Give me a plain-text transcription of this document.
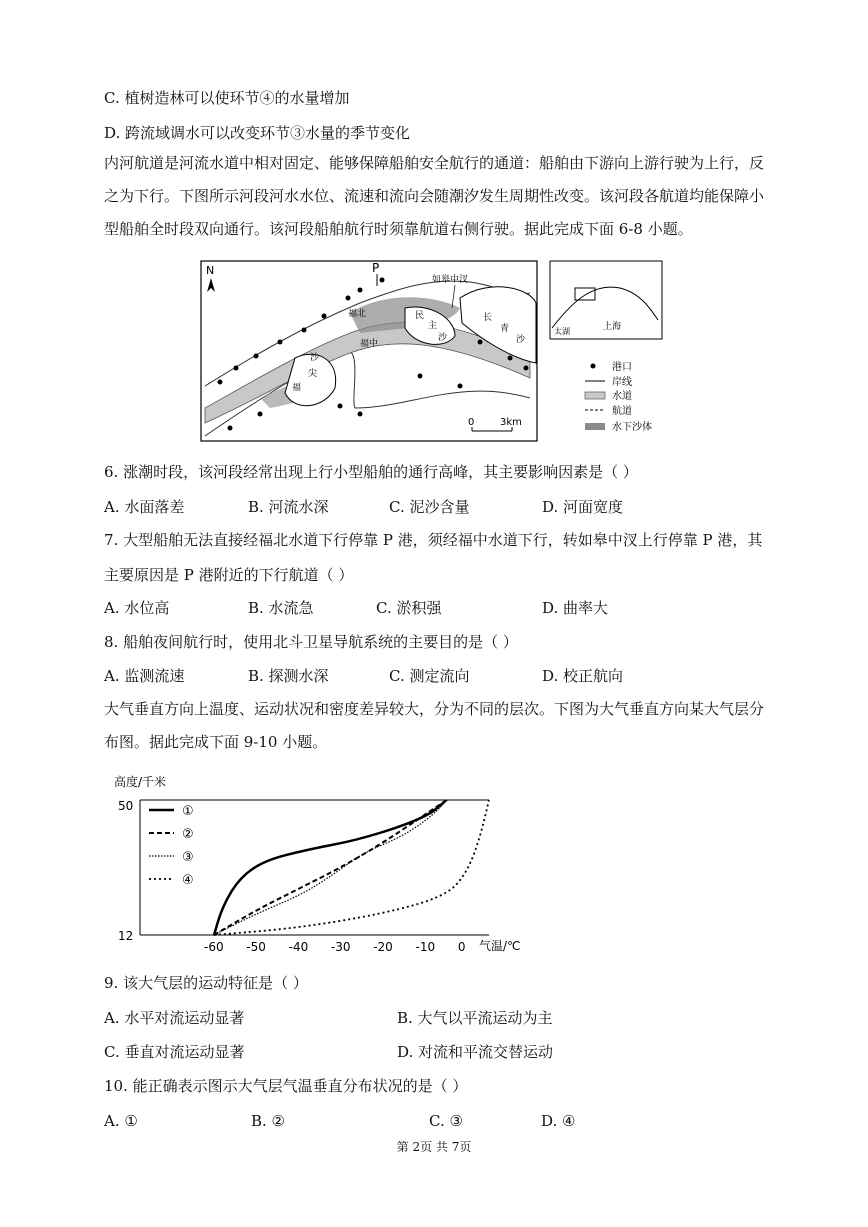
C. 植树造林可以使环节④的水量增加
D. 跨流域调水可以改变环节③水量的季节变化
内河航道是河流水道中相对固定、能够保障船舶安全航行的通道：船舶由下游向上游行驶为上行，反之为下行。下图所示河段河水水位、流速和流向会随潮汐发生周期性改变。该河段各航道均能保障小型船舶全时段双向通行。该河段船舶航行时须靠航道右侧行驶。据此完成下面 6-8 小题。
N
民
主
沙
长
青
沙
沙
尖
福
福北
福中
P
如皋中汊
0	3km
太湖	上海
港口
岸线
水道
航道
水下沙体
6. 涨潮时段，该河段经常出现上行小型船舶的通行高峰，其主要影响因素是（ ）
A. 水面落差	B. 河流水深	C. 泥沙含量	D. 河面宽度
7. 大型船舶无法直接经福北水道下行停靠 P 港，须经福中水道下行，转如皋中汊上行停靠 P 港，其
主要原因是 P 港附近的下行航道（ ）
A. 水位高	B. 水流急	C. 淤积强	D. 曲率大
8. 船舶夜间航行时，使用北斗卫星导航系统的主要目的是（ ）
A. 监测流速	B. 探测水深	C. 测定流向	D. 校正航向
大气垂直方向上温度、运动状况和密度差异较大，分为不同的层次。下图为大气垂直方向某大气层分布图。据此完成下面 9-10 小题。
高度/千米
50
12
-60 -50 -40 -30 -20 -10 0 气温/℃
①
②
③
④
9. 该大气层的运动特征是（ ）
A. 水平对流运动显著	B. 大气以平流运动为主
C. 垂直对流运动显著	D. 对流和平流交替运动
10. 能正确表示图示大气层气温垂直分布状况的是（ ）
A. ①	B. ②	C. ③	D. ④
第 2页 共 7页
